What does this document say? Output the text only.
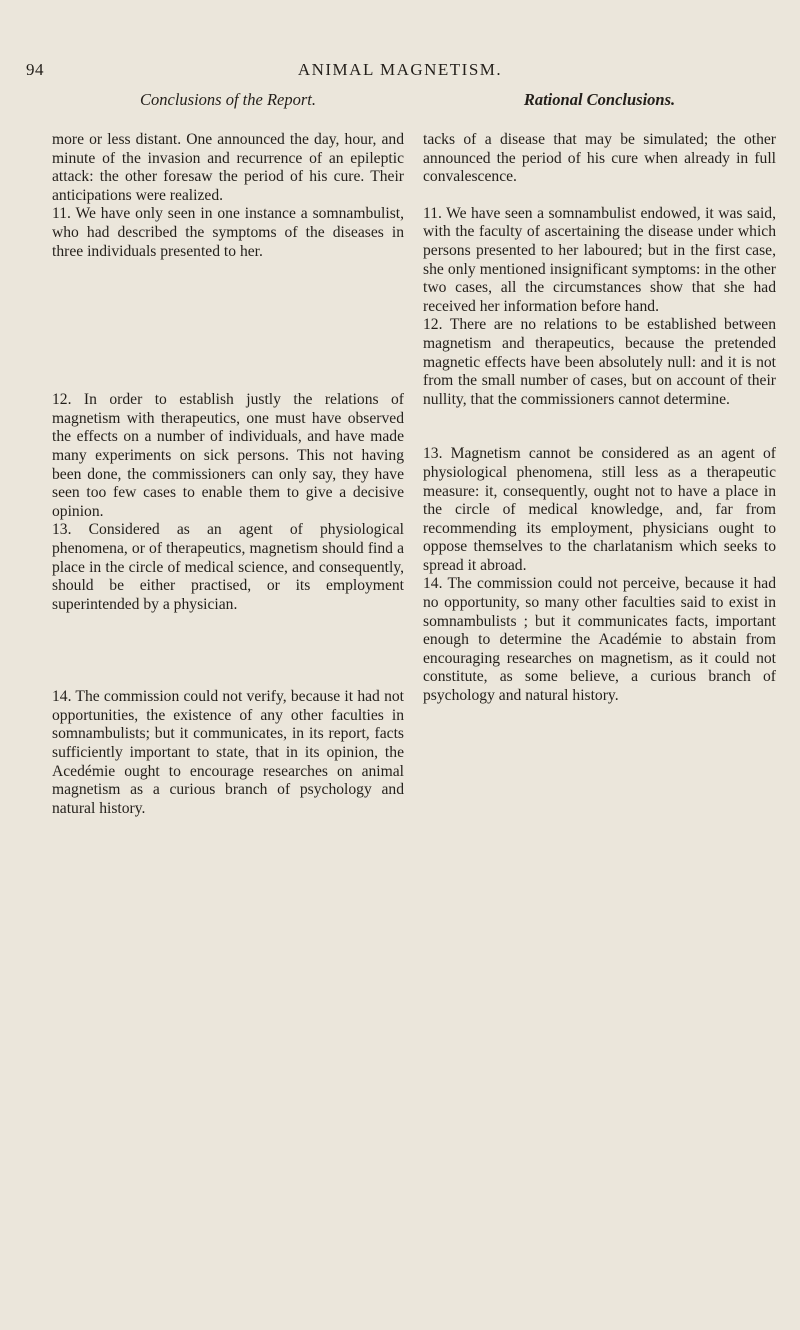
94	ANIMAL MAGNETISM.
Conclusions of the Report.

more or less distant. One announced the day, hour, and minute of the invasion and recurrence of an epileptic attack: the other foresaw the period of his cure. Their anticipations were realized.

11. We have only seen in one instance a somnambulist, who had described the symptoms of the diseases in three individuals presented to her.

12. In order to establish justly the relations of magnetism with therapeutics, one must have observed the effects on a number of individuals, and have made many experiments on sick persons. This not having been done, the commissioners can only say, they have seen too few cases to enable them to give a decisive opinion.

13. Considered as an agent of physiological phenomena, or of therapeutics, magnetism should find a place in the circle of medical science, and consequently, should be either practised, or its employment superintended by a physician.

14. The commission could not verify, because it had not opportunities, the existence of any other faculties in somnambulists; but it communicates, in its report, facts sufficiently important to state, that in its opinion, the Acedémie ought to encourage researches on animal magnetism as a curious branch of psychology and natural history.

Rational Conclusions.

tacks of a disease that may be simulated; the other announced the period of his cure when already in full convalescence.

11. We have seen a somnambulist endowed, it was said, with the faculty of ascertaining the disease under which persons presented to her laboured; but in the first case, she only mentioned insignificant symptoms: in the other two cases, all the circumstances show that she had received her information before hand.

12. There are no relations to be established between magnetism and therapeutics, because the pretended magnetic effects have been absolutely null: and it is not from the small number of cases, but on account of their nullity, that the commissioners cannot determine.

13. Magnetism cannot be considered as an agent of physiological phenomena, still less as a therapeutic measure: it, consequently, ought not to have a place in the circle of medical knowledge, and, far from recommending its employment, physicians ought to oppose themselves to the charlatanism which seeks to spread it abroad.

14. The commission could not perceive, because it had no opportunity, so many other faculties said to exist in somnambulists ; but it communicates facts, important enough to determine the Académie to abstain from encouraging researches on magnetism, as it could not constitute, as some believe, a curious branch of psychology and natural history.
